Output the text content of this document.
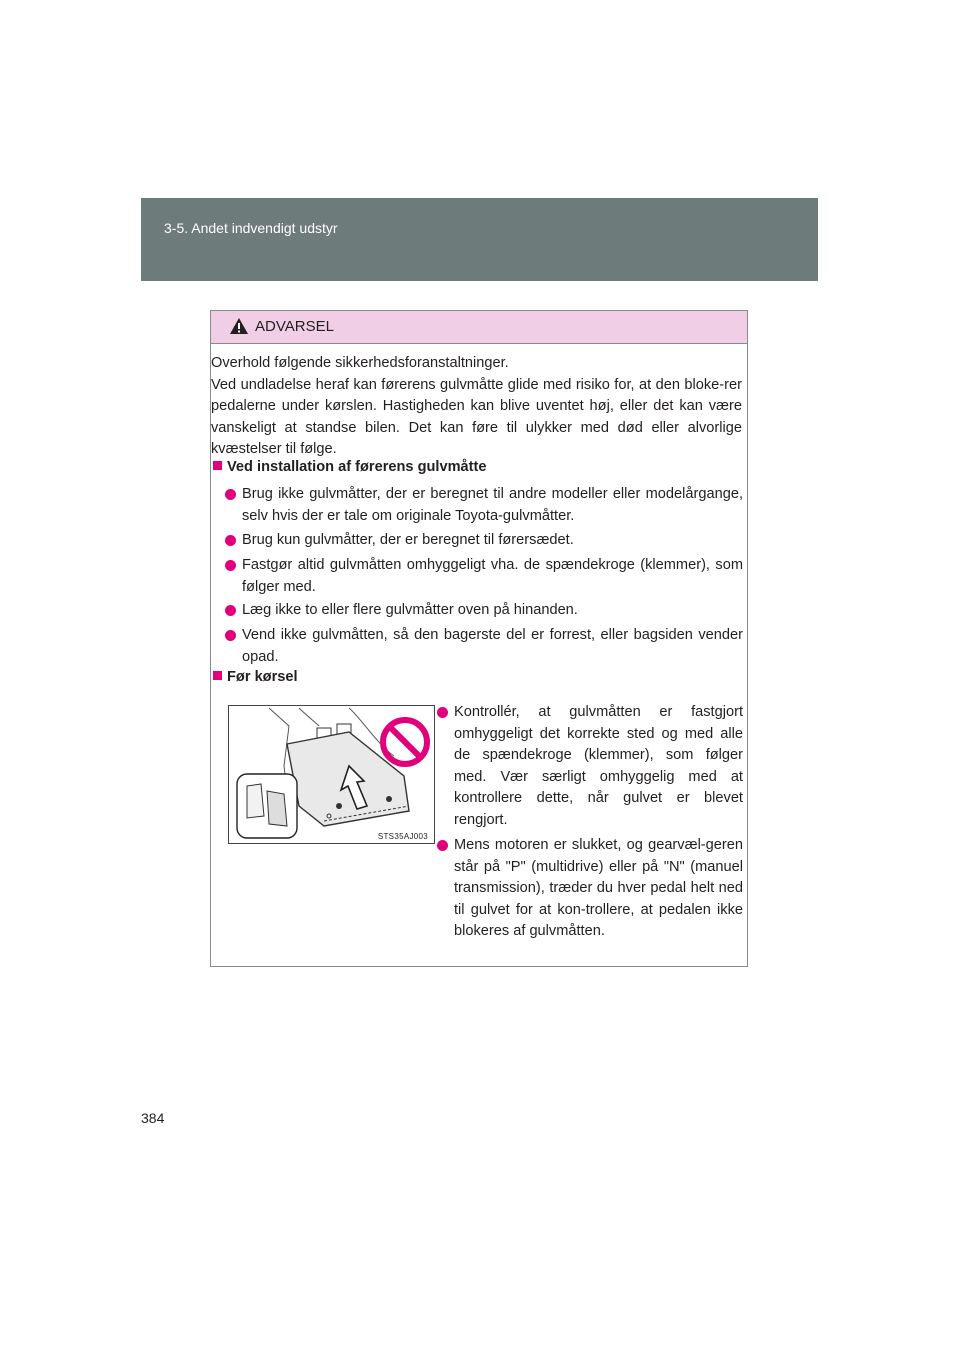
3-5. Andet indvendigt udstyr
ADVARSEL

Overhold følgende sikkerhedsforanstaltninger.

Ved undladelse heraf kan førerens gulvmåtte glide med risiko for, at den bloke-rer pedalerne under kørslen. Hastigheden kan blive uventet høj, eller det kan være vanskeligt at standse bilen. Det kan føre til ulykker med død eller alvorlige kvæstelser til følge.

Ved installation af førerens gulvmåtte
Brug ikke gulvmåtter, der er beregnet til andre modeller eller modelårgange, selv hvis der er tale om originale Toyota-gulvmåtter.
Brug kun gulvmåtter, der er beregnet til førersædet.
Fastgør altid gulvmåtten omhyggeligt vha. de spændekroge (klemmer), som følger med.
Læg ikke to eller flere gulvmåtter oven på hinanden.
Vend ikke gulvmåtten, så den bagerste del er forrest, eller bagsiden vender opad.
Før kørsel
STS35AJ003
Kontrollér, at gulvmåtten er fastgjort omhyggeligt det korrekte sted og med alle de spændekroge (klemmer), som følger med. Vær særligt omhyggelig med at kontrollere dette, når gulvet er blevet rengjort.
Mens motoren er slukket, og gearvæl-geren står på "P" (multidrive) eller på "N" (manuel transmission), træder du hver pedal helt ned til gulvet for at kon-trollere, at pedalen ikke blokeres af gulvmåtten.
384
